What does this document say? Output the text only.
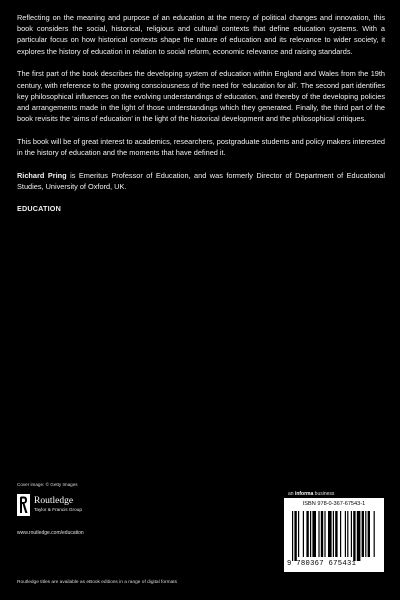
Reflecting on the meaning and purpose of an education at the mercy of political changes and innovation, this book considers the social, historical, religious and cultural contexts that define education systems. With a particular focus on how historical contexts shape the nature of education and its relevance to wider society, it explores the history of education in relation to social reform, economic relevance and raising standards.

The first part of the book describes the developing system of education within England and Wales from the 19th century, with reference to the growing consciousness of the need for ‘education for all’. The second part identifies key philosophical influences on the evolving understandings of education, and thereby of the developing policies and arrangements made in the light of those understandings which they generated. Finally, the third part of the book revisits the ‘aims of education’ in the light of the historical development and the philosophical critiques.

This book will be of great interest to academics, researchers, postgraduate students and policy makers interested in the history of education and the moments that have defined it.

Richard Pring is Emeritus Professor of Education, and was formerly Director of Department of Educational Studies, University of Oxford, UK.

EDUCATION

Cover image: © Getty Images
Routledge
Taylor & Francis Group
www.routledge.com/education
Routledge titles are available as eBook editions in a range of digital formats
an informa business
ISBN 978-0-367-67543-1
9 780367 675431
